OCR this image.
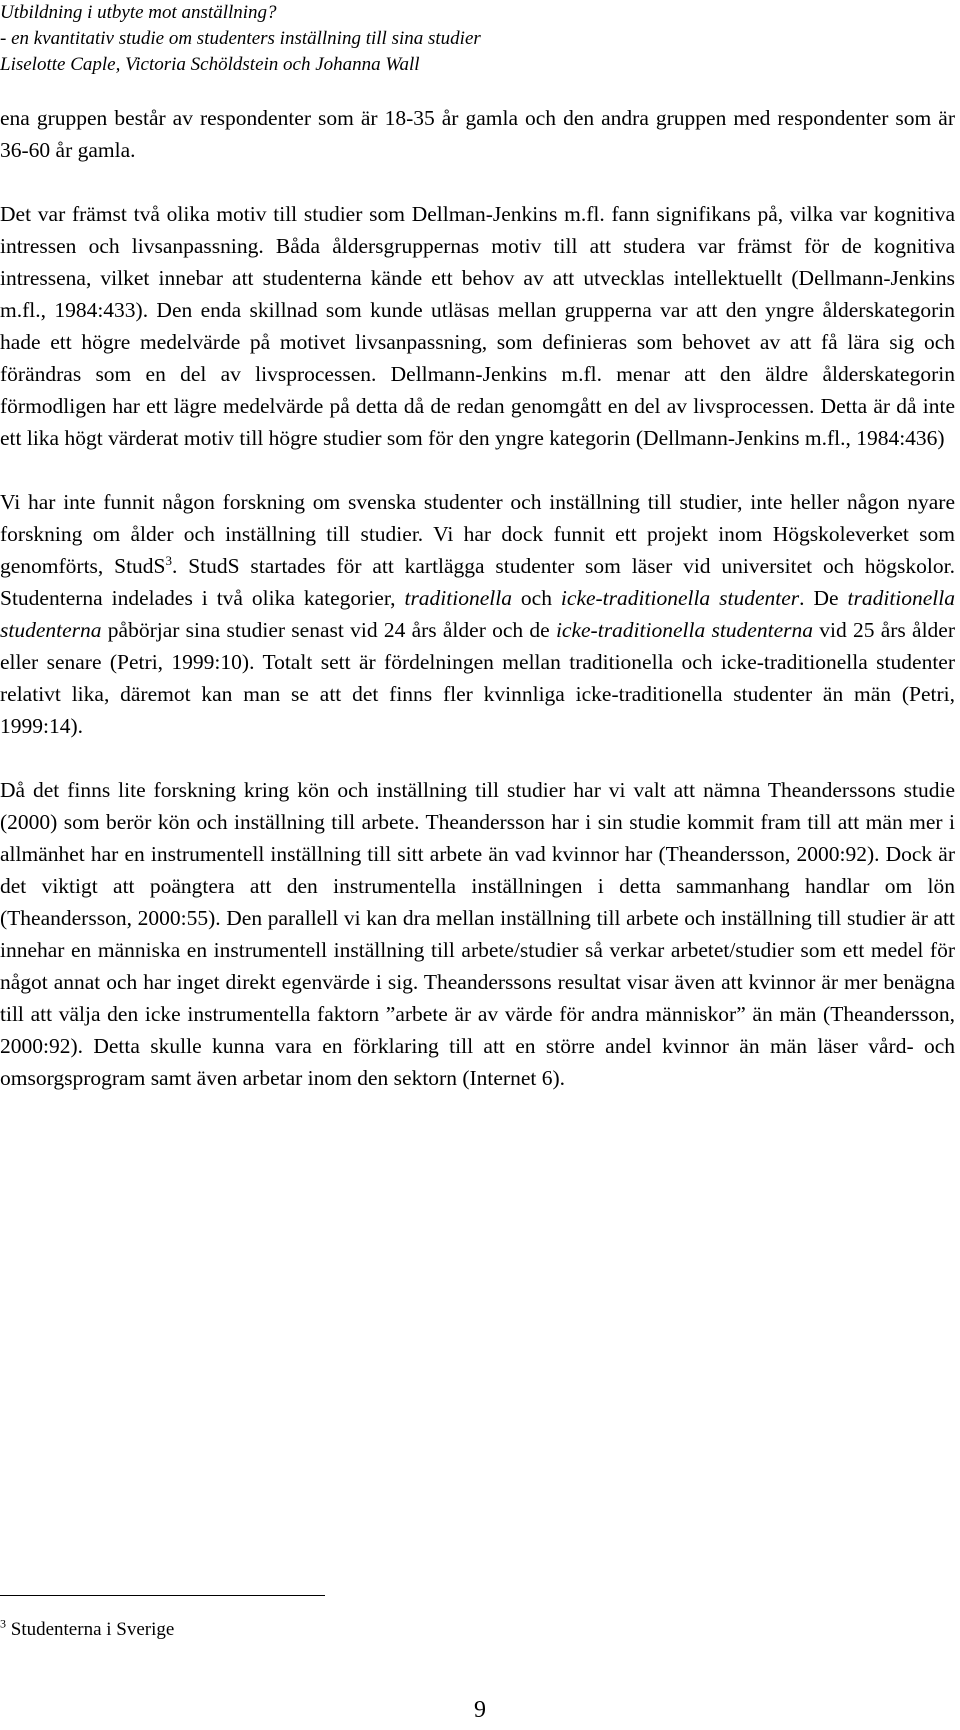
Utbildning i utbyte mot anställning?
- en kvantitativ studie om studenters inställning till sina studier
Liselotte Caple, Victoria Schöldstein och Johanna Wall

ena gruppen består av respondenter som är 18-35 år gamla och den andra gruppen med respondenter som är 36-60 år gamla.

Det var främst två olika motiv till studier som Dellman-Jenkins m.fl. fann signifikans på, vilka var kognitiva intressen och livsanpassning. Båda åldersgruppernas motiv till att studera var främst för de kognitiva intressena, vilket innebar att studenterna kände ett behov av att utvecklas intellektuellt (Dellmann-Jenkins m.fl., 1984:433). Den enda skillnad som kunde utläsas mellan grupperna var att den yngre ålderskategorin hade ett högre medelvärde på motivet livsanpassning, som definieras som behovet av att få lära sig och förändras som en del av livsprocessen. Dellmann-Jenkins m.fl. menar att den äldre ålderskategorin förmodligen har ett lägre medelvärde på detta då de redan genomgått en del av livsprocessen. Detta är då inte ett lika högt värderat motiv till högre studier som för den yngre kategorin (Dellmann-Jenkins m.fl., 1984:436)

Vi har inte funnit någon forskning om svenska studenter och inställning till studier, inte heller någon nyare forskning om ålder och inställning till studier. Vi har dock funnit ett projekt inom Högskoleverket som genomförts, StudS$^3$. StudS startades för att kartlägga studenter som läser vid universitet och högskolor. Studenterna indelades i två olika kategorier, traditionella och icke-traditionella studenter. De traditionella studenterna påbörjar sina studier senast vid 24 års ålder och de icke-traditionella studenterna vid 25 års ålder eller senare (Petri, 1999:10). Totalt sett är fördelningen mellan traditionella och icke-traditionella studenter relativt lika, däremot kan man se att det finns fler kvinnliga icke-traditionella studenter än män (Petri, 1999:14).

Då det finns lite forskning kring kön och inställning till studier har vi valt att nämna Theanderssons studie (2000) som berör kön och inställning till arbete. Theandersson har i sin studie kommit fram till att män mer i allmänhet har en instrumentell inställning till sitt arbete än vad kvinnor har (Theandersson, 2000:92). Dock är det viktigt att poängtera att den instrumentella inställningen i detta sammanhang handlar om lön (Theandersson, 2000:55). Den parallell vi kan dra mellan inställning till arbete och inställning till studier är att innehar en människa en instrumentell inställning till arbete/studier så verkar arbetet/studier som ett medel för något annat och har inget direkt egenvärde i sig. Theanderssons resultat visar även att kvinnor är mer benägna till att välja den icke instrumentella faktorn ”arbete är av värde för andra människor” än män (Theandersson, 2000:92). Detta skulle kunna vara en förklaring till att en större andel kvinnor än män läser vård- och omsorgsprogram samt även arbetar inom den sektorn (Internet 6).

$^3$ Studenterna i Sverige
9
